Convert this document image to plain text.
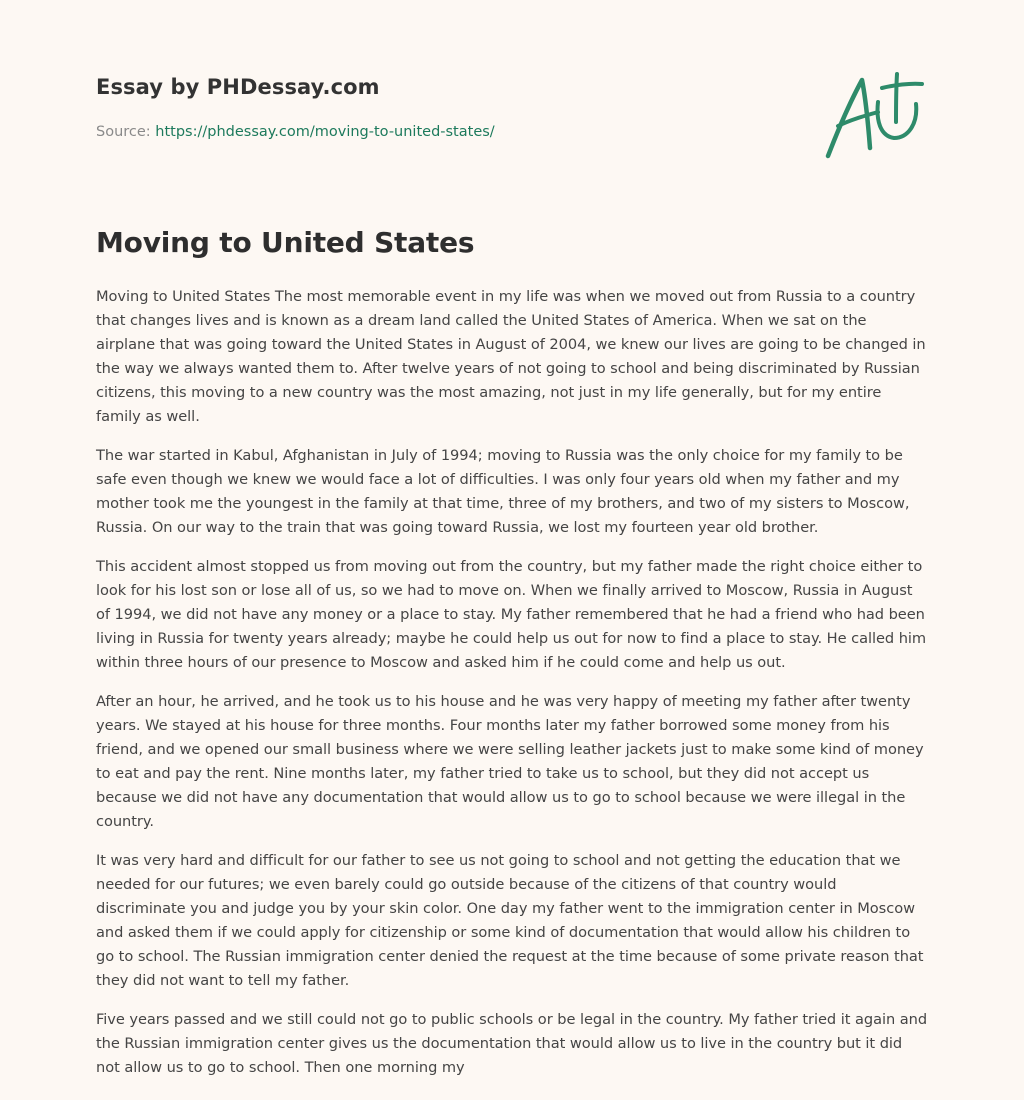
Essay by PHDessay.com

Source: https://phdessay.com/moving-to-united-states/

Moving to United States

Moving to United States The most memorable event in my life was when we moved out from Russia to a country that changes lives and is known as a dream land called the United States of America. When we sat on the airplane that was going toward the United States in August of 2004, we knew our lives are going to be changed in the way we always wanted them to. After twelve years of not going to school and being discriminated by Russian citizens, this moving to a new country was the most amazing, not just in my life generally, but for my entire family as well.

The war started in Kabul, Afghanistan in July of 1994; moving to Russia was the only choice for my family to be safe even though we knew we would face a lot of difficulties. I was only four years old when my father and my mother took me the youngest in the family at that time, three of my brothers, and two of my sisters to Moscow, Russia. On our way to the train that was going toward Russia, we lost my fourteen year old brother.

This accident almost stopped us from moving out from the country, but my father made the right choice either to look for his lost son or lose all of us, so we had to move on. When we finally arrived to Moscow, Russia in August of 1994, we did not have any money or a place to stay. My father remembered that he had a friend who had been living in Russia for twenty years already; maybe he could help us out for now to find a place to stay. He called him within three hours of our presence to Moscow and asked him if he could come and help us out.

After an hour, he arrived, and he took us to his house and he was very happy of meeting my father after twenty years. We stayed at his house for three months. Four months later my father borrowed some money from his friend, and we opened our small business where we were selling leather jackets just to make some kind of money to eat and pay the rent. Nine months later, my father tried to take us to school, but they did not accept us because we did not have any documentation that would allow us to go to school because we were illegal in the country.

It was very hard and difficult for our father to see us not going to school and not getting the education that we needed for our futures; we even barely could go outside because of the citizens of that country would discriminate you and judge you by your skin color. One day my father went to the immigration center in Moscow and asked them if we could apply for citizenship or some kind of documentation that would allow his children to go to school. The Russian immigration center denied the request at the time because of some private reason that they did not want to tell my father.

Five years passed and we still could not go to public schools or be legal in the country. My father tried it again and the Russian immigration center gives us the documentation that would allow us to live in the country but it did not allow us to go to school. Then one morning my
